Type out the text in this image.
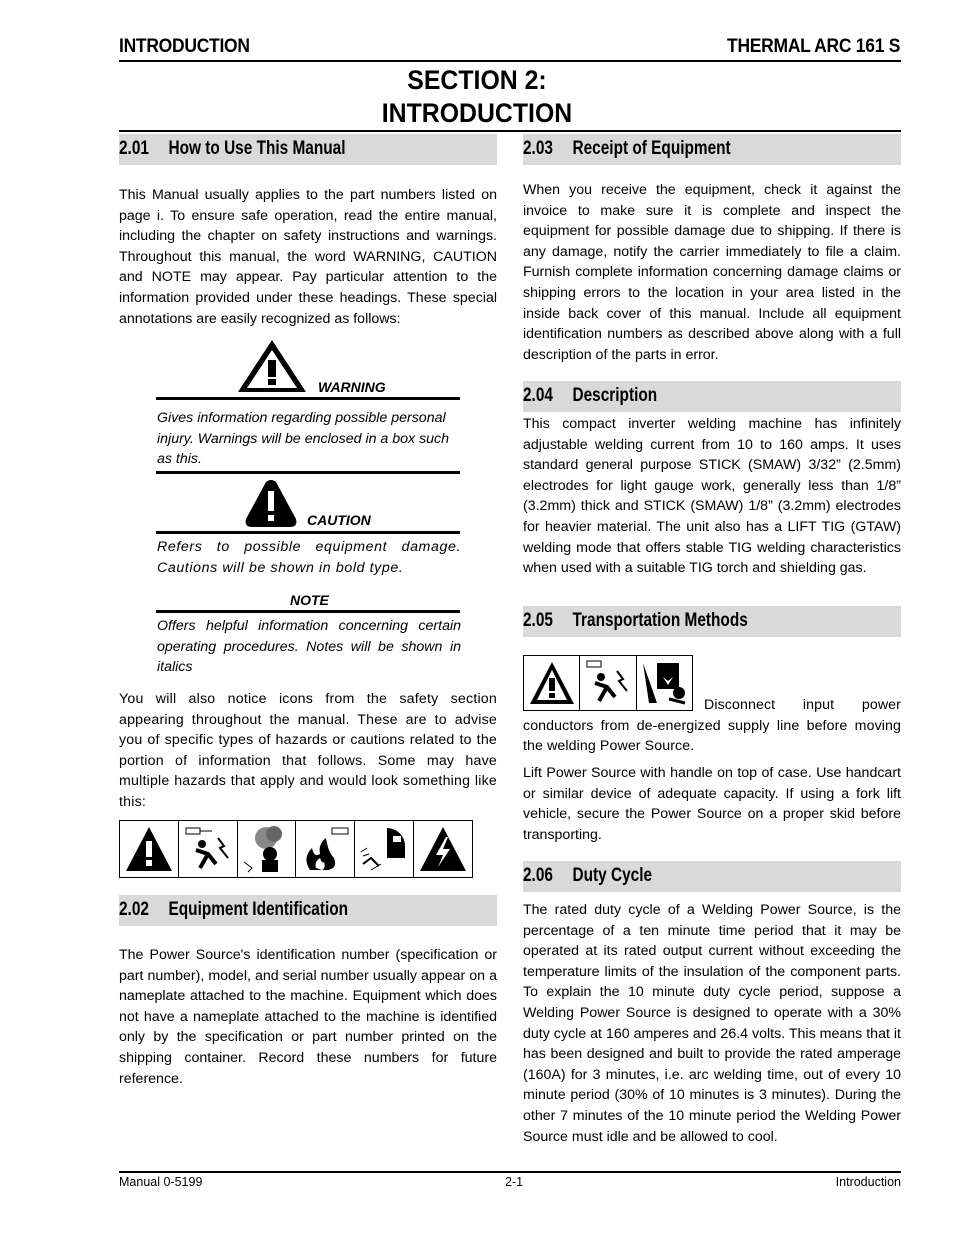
INTRODUCTION	THERMAL ARC 161 S
SECTION 2:
INTRODUCTION
2.01 How to Use This Manual
This Manual usually applies to the part numbers listed on page i. To ensure safe operation, read the entire manual, including the chapter on safety instructions and warnings. Throughout this manual, the word WARNING, CAUTION and NOTE may appear. Pay particular attention to the information provided under these headings. These special annotations are easily recognized as follows:
WARNING
Gives information regarding possible personal injury. Warnings will be enclosed in a box such as this.
CAUTION
Refers to possible equipment damage. Cautions will be shown in bold type.
NOTE
Offers helpful information concerning certain operating procedures. Notes will be shown in italics
You will also notice icons from the safety section appearing throughout the manual. These are to advise you of specific types of hazards or cautions related to the portion of information that follows. Some may have multiple hazards that apply and would look something like this:
2.02 Equipment Identification
The Power Source's identification number (specification or part number), model, and serial number usually appear on a nameplate attached to the machine. Equipment which does not have a nameplate attached to the machine is identified only by the specification or part number printed on the shipping container. Record these numbers for future reference.
2.03 Receipt of Equipment
When you receive the equipment, check it against the invoice to make sure it is complete and inspect the equipment for possible damage due to shipping. If there is any damage, notify the carrier immediately to file a claim. Furnish complete information concerning damage claims or shipping errors to the location in your area listed in the inside back cover of this manual. Include all equipment identification numbers as described above along with a full description of the parts in error.
2.04 Description
This compact inverter welding machine has infinitely adjustable welding current from 10 to 160 amps. It uses standard general purpose STICK (SMAW) 3/32” (2.5mm) electrodes for light gauge work, generally less than 1/8” (3.2mm) thick and STICK (SMAW) 1/8” (3.2mm) electrodes for heavier material. The unit also has a LIFT TIG (GTAW) welding mode that offers stable TIG welding characteristics when used with a suitable TIG torch and shielding gas.
2.05 Transportation Methods
Disconnect input power conductors from de-energized supply line before moving the welding Power Source.
Lift Power Source with handle on top of case. Use handcart or similar device of adequate capacity. If using a fork lift vehicle, secure the Power Source on a proper skid before transporting.
2.06 Duty Cycle
The rated duty cycle of a Welding Power Source, is the percentage of a ten minute time period that it may be operated at its rated output current without exceeding the temperature limits of the insulation of the component parts. To explain the 10 minute duty cycle period, suppose a Welding Power Source is designed to operate with a 30% duty cycle at 160 amperes and 26.4 volts. This means that it has been designed and built to provide the rated amperage (160A) for 3 minutes, i.e. arc welding time, out of every 10 minute period (30% of 10 minutes is 3 minutes). During the other 7 minutes of the 10 minute period the Welding Power Source must idle and be allowed to cool.
Manual 0-5199	2-1	Introduction
